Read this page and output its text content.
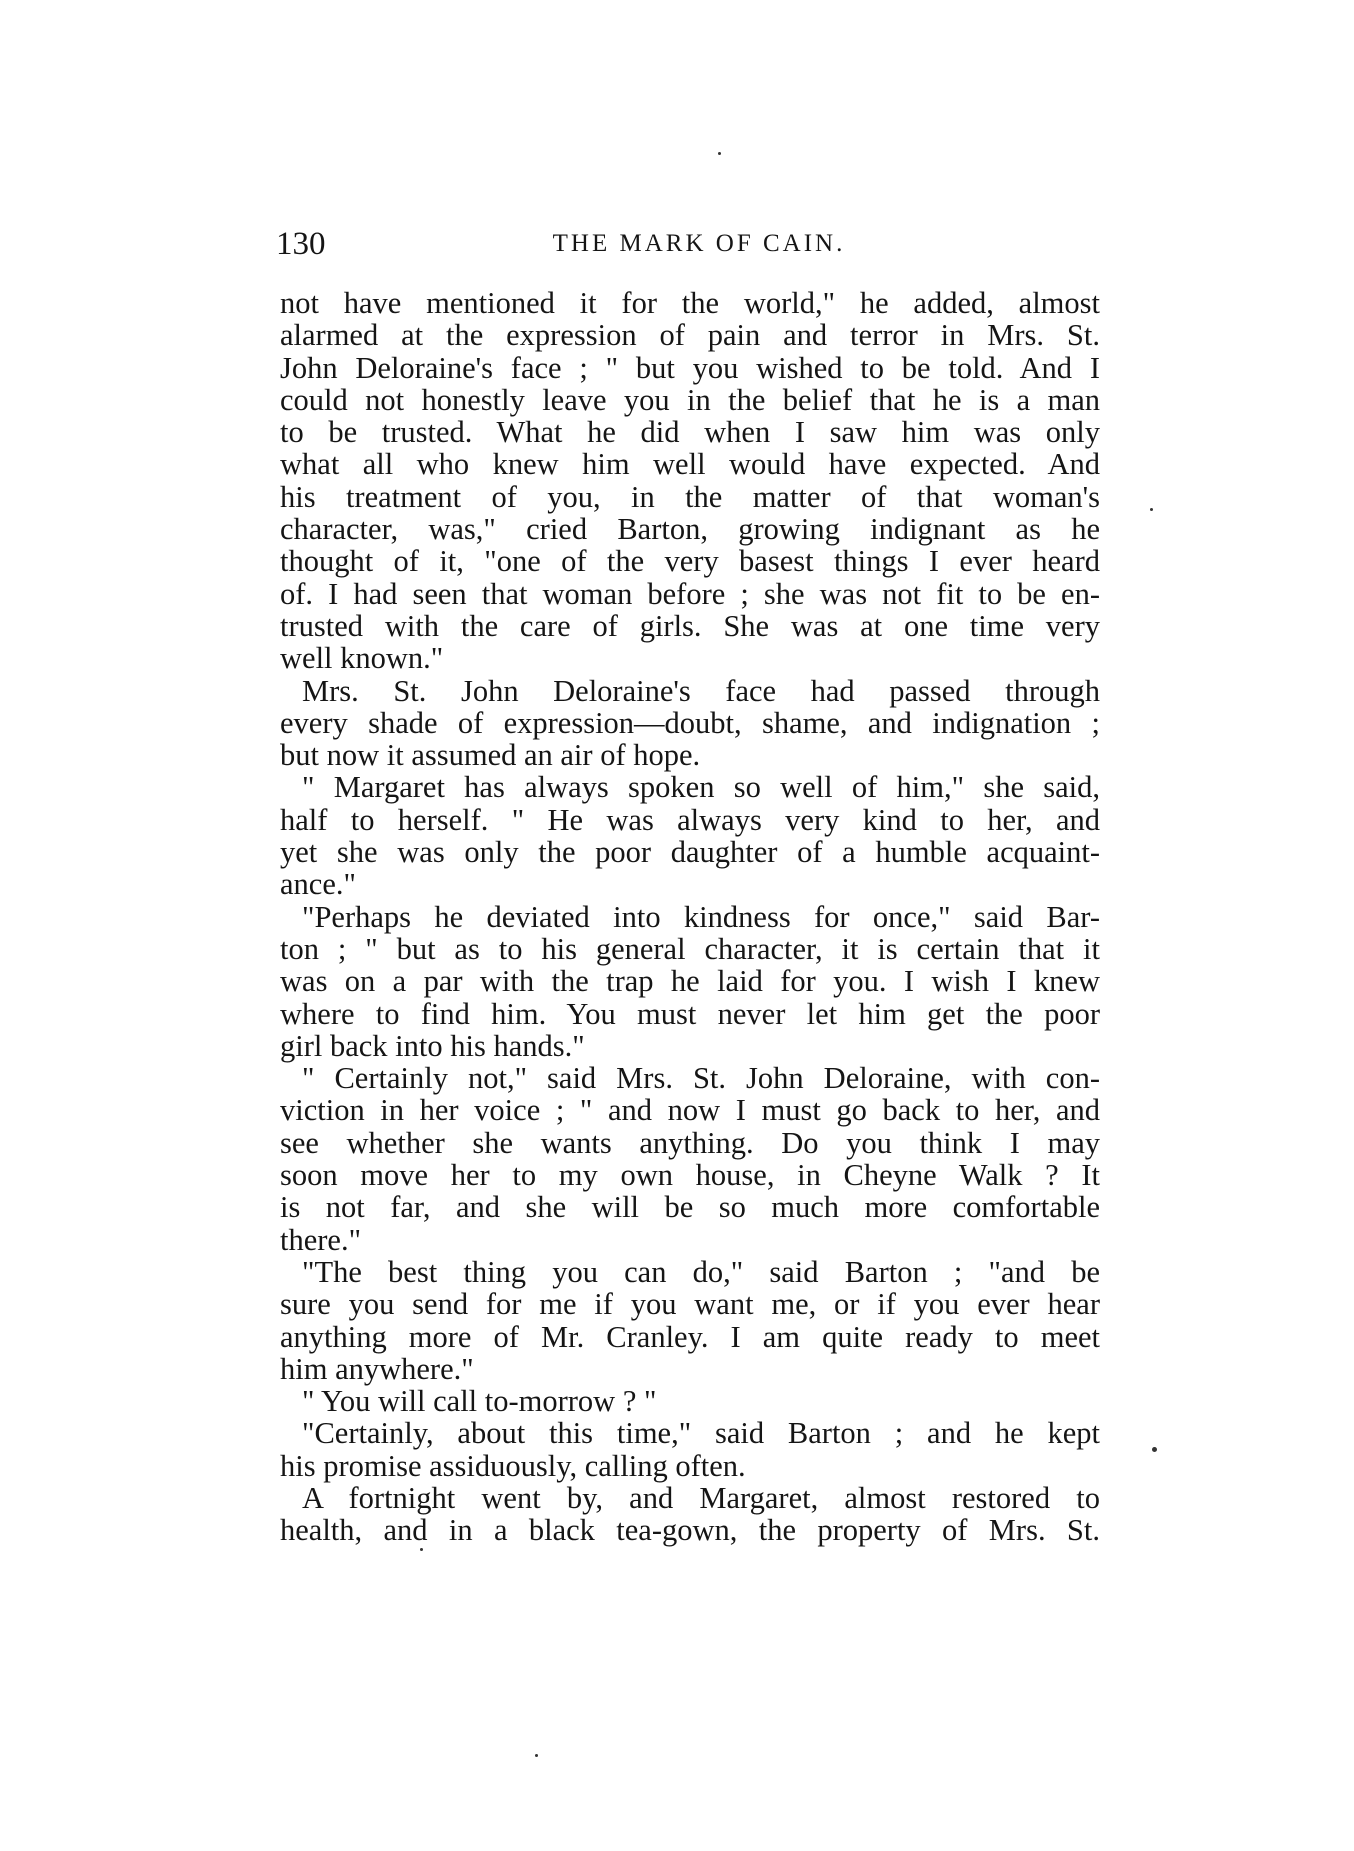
130	THE MARK OF CAIN.
not have mentioned it for the world," he added, almost
alarmed at the expression of pain and terror in Mrs. St.
John Deloraine's face ; " but you wished to be told. And I
could not honestly leave you in the belief that he is a man
to be trusted. What he did when I saw him was only
what all who knew him well would have expected. And
his treatment of you, in the matter of that woman's
character, was," cried Barton, growing indignant as he
thought of it, "one of the very basest things I ever heard
of. I had seen that woman before ; she was not fit to be en-
trusted with the care of girls. She was at one time very
well known."
Mrs. St. John Deloraine's face had passed through
every shade of expression—doubt, shame, and indignation ;
but now it assumed an air of hope.
" Margaret has always spoken so well of him," she said,
half to herself. " He was always very kind to her, and
yet she was only the poor daughter of a humble acquaint-
ance."
"Perhaps he deviated into kindness for once," said Bar-
ton ; " but as to his general character, it is certain that it
was on a par with the trap he laid for you. I wish I knew
where to find him. You must never let him get the poor
girl back into his hands."
" Certainly not," said Mrs. St. John Deloraine, with con-
viction in her voice ; " and now I must go back to her, and
see whether she wants anything. Do you think I may
soon move her to my own house, in Cheyne Walk ? It
is not far, and she will be so much more comfortable
there."
"The best thing you can do," said Barton ; "and be
sure you send for me if you want me, or if you ever hear
anything more of Mr. Cranley. I am quite ready to meet
him anywhere."
" You will call to-morrow ? "
"Certainly, about this time," said Barton ; and he kept
his promise assiduously, calling often.
A fortnight went by, and Margaret, almost restored to
health, and in a black tea-gown, the property of Mrs. St.
